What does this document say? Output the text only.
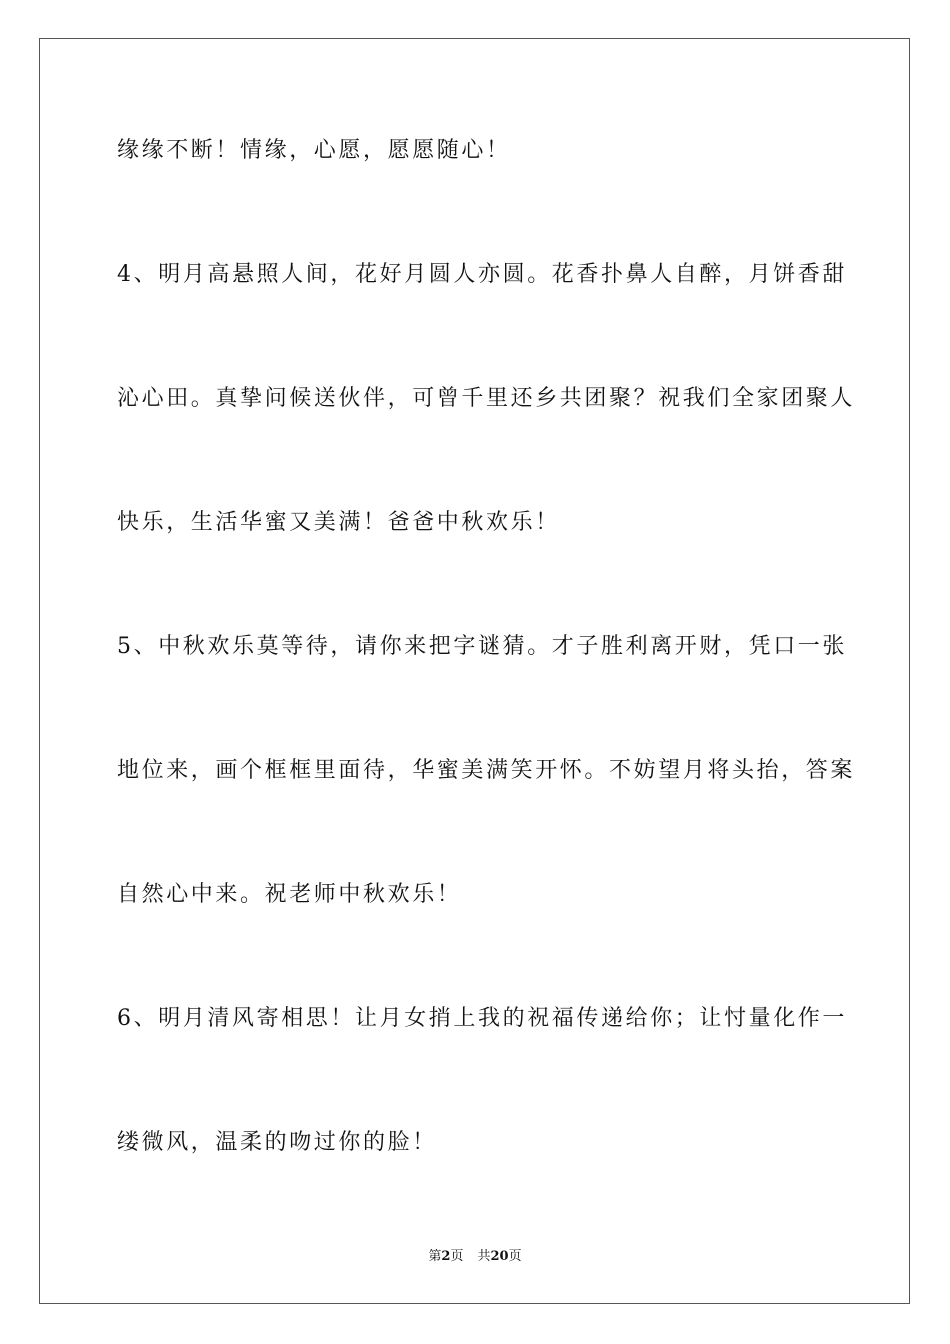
缘缘不断！情缘，心愿，愿愿随心！
4、明月高悬照人间，花好月圆人亦圆。花香扑鼻人自醉，月饼香甜
沁心田。真挚问候送伙伴，可曾千里还乡共团聚？祝我们全家团聚人
快乐，生活华蜜又美满！爸爸中秋欢乐！
5、中秋欢乐莫等待，请你来把字谜猜。才子胜利离开财，凭口一张
地位来，画个框框里面待，华蜜美满笑开怀。不妨望月将头抬，答案
自然心中来。祝老师中秋欢乐！
6、明月清风寄相思！让月女捎上我的祝福传递给你；让忖量化作一
缕微风，温柔的吻过你的脸！
第2页 共20页
